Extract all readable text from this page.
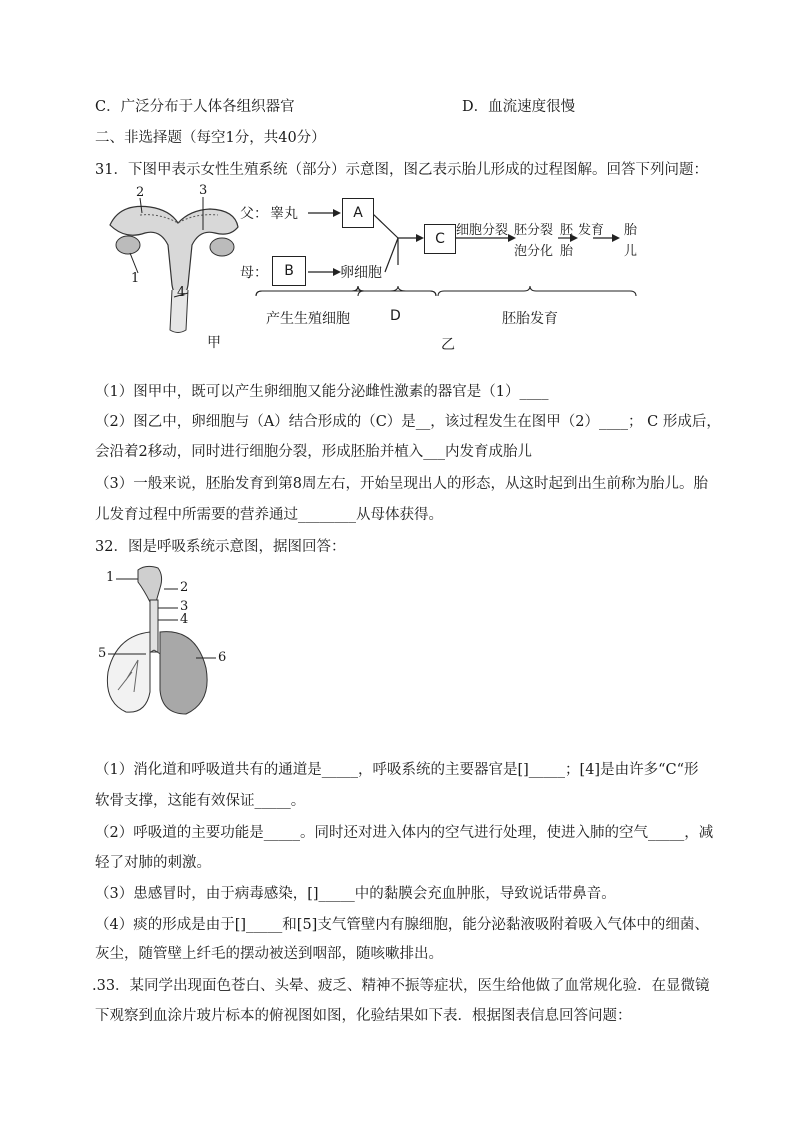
C．广泛分布于人体各组织器官	D．血流速度很慢
二、非选择题（每空1分，共40分）
31．下图甲表示女性生殖系统（部分）示意图，图乙表示胎儿形成的过程图解。回答下列问题：
2	3
1
4
甲
父： 睾丸	A
母：	B	卵细胞
C
细胞分裂 胚分裂
泡分化
胚
胎
发育 胎
儿
产生生殖细胞	D	胚胎发育
乙
（1）图甲中，既可以产生卵细胞又能分泌雌性激素的器官是（1）____
（2）图乙中，卵细胞与（A）结合形成的（C）是__，该过程发生在图甲（2）____； C 形成后，
会沿着2移动，同时进行细胞分裂，形成胚胎并植入___内发育成胎儿
（3）一般来说，胚胎发育到第8周左右，开始呈现出人的形态，从这时起到出生前称为胎儿。胎
儿发育过程中所需要的营养通过________从母体获得。
32．图是呼吸系统示意图，据图回答：
1
2
3
4
5	6
（1）消化道和呼吸道共有的通道是_____，呼吸系统的主要器官是[]_____；[4]是由许多“C“形
软骨支撑，这能有效保证_____。
（2）呼吸道的主要功能是_____。同时还对进入体内的空气进行处理，使进入肺的空气_____，减
轻了对肺的刺激。
（3）患感冒时，由于病毒感染，[]_____中的黏膜会充血肿胀，导致说话带鼻音。
（4）痰的形成是由于[]_____和[5]支气管壁内有腺细胞，能分泌黏液吸附着吸入气体中的细菌、
灰尘，随管壁上纤毛的摆动被送到咽部，随咳嗽排出。
.33．某同学出现面色苍白、头晕、疲乏、精神不振等症状，医生给他做了血常规化验．在显微镜
下观察到血涂片玻片标本的俯视图如图，化验结果如下表．根据图表信息回答问题：
